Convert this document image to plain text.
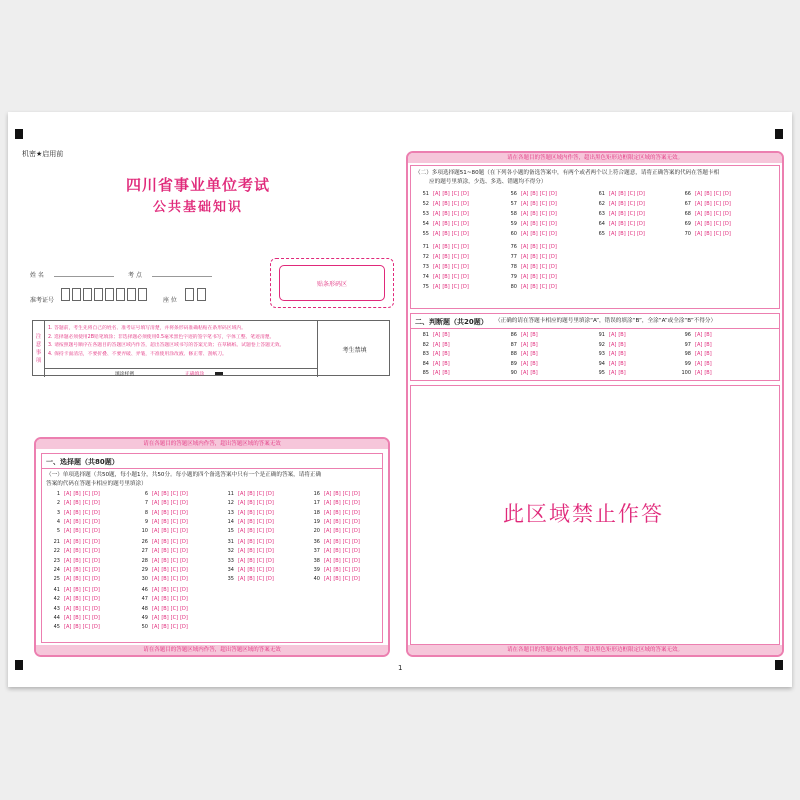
机密★启用前
四川省事业单位考试
公共基础知识
姓 名	考 点
准考证号	座 位
贴条形码区
注
意
事
项
1. 答题前，考生先将自己的姓名、准考证号填写清楚，并将条形码准确粘贴在条形码区域内。
2. 选择题必须使用2B铅笔填涂；非选择题必须使用0.5毫米黑色字迹的签字笔书写，字体工整、笔迹清楚。
3. 请按照题号顺序在各题目的答题区域内作答，超出答题区域书写的答案无效；在草稿纸、试题卷上答题无效。
4. 保持卡面清洁，不要折叠、不要弄破、弄皱，不准使用涂改液、修正带、刮纸刀。
填涂样例	正确填涂
考生禁填
请在各题目的答题区域内作答，超出答题区域的答案无效
一、选择题（共80题）
（一）单项选择题（共50题，每小题1分，共50分。每小题的四个备选答案中只有一个是正确的答案，请将正确
答案的代码在答题卡相应的题号里填涂）
1 [A] [B] [C] [D]
2 [A] [B] [C] [D]
3 [A] [B] [C] [D]
4 [A] [B] [C] [D]
5 [A] [B] [C] [D]
6 [A] [B] [C] [D]
7 [A] [B] [C] [D]
8 [A] [B] [C] [D]
9 [A] [B] [C] [D]
10 [A] [B] [C] [D]
11 [A] [B] [C] [D]
12 [A] [B] [C] [D]
13 [A] [B] [C] [D]
14 [A] [B] [C] [D]
15 [A] [B] [C] [D]
16 [A] [B] [C] [D]
17 [A] [B] [C] [D]
18 [A] [B] [C] [D]
19 [A] [B] [C] [D]
20 [A] [B] [C] [D]
21 [A] [B] [C] [D]
22 [A] [B] [C] [D]
23 [A] [B] [C] [D]
24 [A] [B] [C] [D]
25 [A] [B] [C] [D]
26 [A] [B] [C] [D]
27 [A] [B] [C] [D]
28 [A] [B] [C] [D]
29 [A] [B] [C] [D]
30 [A] [B] [C] [D]
31 [A] [B] [C] [D]
32 [A] [B] [C] [D]
33 [A] [B] [C] [D]
34 [A] [B] [C] [D]
35 [A] [B] [C] [D]
36 [A] [B] [C] [D]
37 [A] [B] [C] [D]
38 [A] [B] [C] [D]
39 [A] [B] [C] [D]
40 [A] [B] [C] [D]
41 [A] [B] [C] [D]
42 [A] [B] [C] [D]
43 [A] [B] [C] [D]
44 [A] [B] [C] [D]
45 [A] [B] [C] [D]
46 [A] [B] [C] [D]
47 [A] [B] [C] [D]
48 [A] [B] [C] [D]
49 [A] [B] [C] [D]
50 [A] [B] [C] [D]
请在各题目的答题区域内作答，超出答题区域的答案无效
请在各题目的答题区域内作答，超出黑色矩形边框限定区域的答案无效。
（二）多项选择题51~80题（在下列各小题的备选答案中，有两个或者两个以上符合题意，请将正确答案的代码在答题卡相
应的题号里填涂，少选、多选、错题均不得分）
51 [A] [B] [C] [D]
52 [A] [B] [C] [D]
53 [A] [B] [C] [D]
54 [A] [B] [C] [D]
55 [A] [B] [C] [D]
56 [A] [B] [C] [D]
57 [A] [B] [C] [D]
58 [A] [B] [C] [D]
59 [A] [B] [C] [D]
60 [A] [B] [C] [D]
61 [A] [B] [C] [D]
62 [A] [B] [C] [D]
63 [A] [B] [C] [D]
64 [A] [B] [C] [D]
65 [A] [B] [C] [D]
66 [A] [B] [C] [D]
67 [A] [B] [C] [D]
68 [A] [B] [C] [D]
69 [A] [B] [C] [D]
70 [A] [B] [C] [D]
71 [A] [B] [C] [D]
72 [A] [B] [C] [D]
73 [A] [B] [C] [D]
74 [A] [B] [C] [D]
75 [A] [B] [C] [D]
76 [A] [B] [C] [D]
77 [A] [B] [C] [D]
78 [A] [B] [C] [D]
79 [A] [B] [C] [D]
80 [A] [B] [C] [D]
二、判断题（共20题） （正确的请在答题卡相应的题号里填涂“A”，错误的填涂“B”，全涂“A”或全涂“B”不得分）
81 [A] [B]
82 [A] [B]
83 [A] [B]
84 [A] [B]
85 [A] [B]
86 [A] [B]
87 [A] [B]
88 [A] [B]
89 [A] [B]
90 [A] [B]
91 [A] [B]
92 [A] [B]
93 [A] [B]
94 [A] [B]
95 [A] [B]
96 [A] [B]
97 [A] [B]
98 [A] [B]
99 [A] [B]
100 [A] [B]
此区域禁止作答
请在各题目的答题区域内作答，超出黑色矩形边框限定区域的答案无效。
1
